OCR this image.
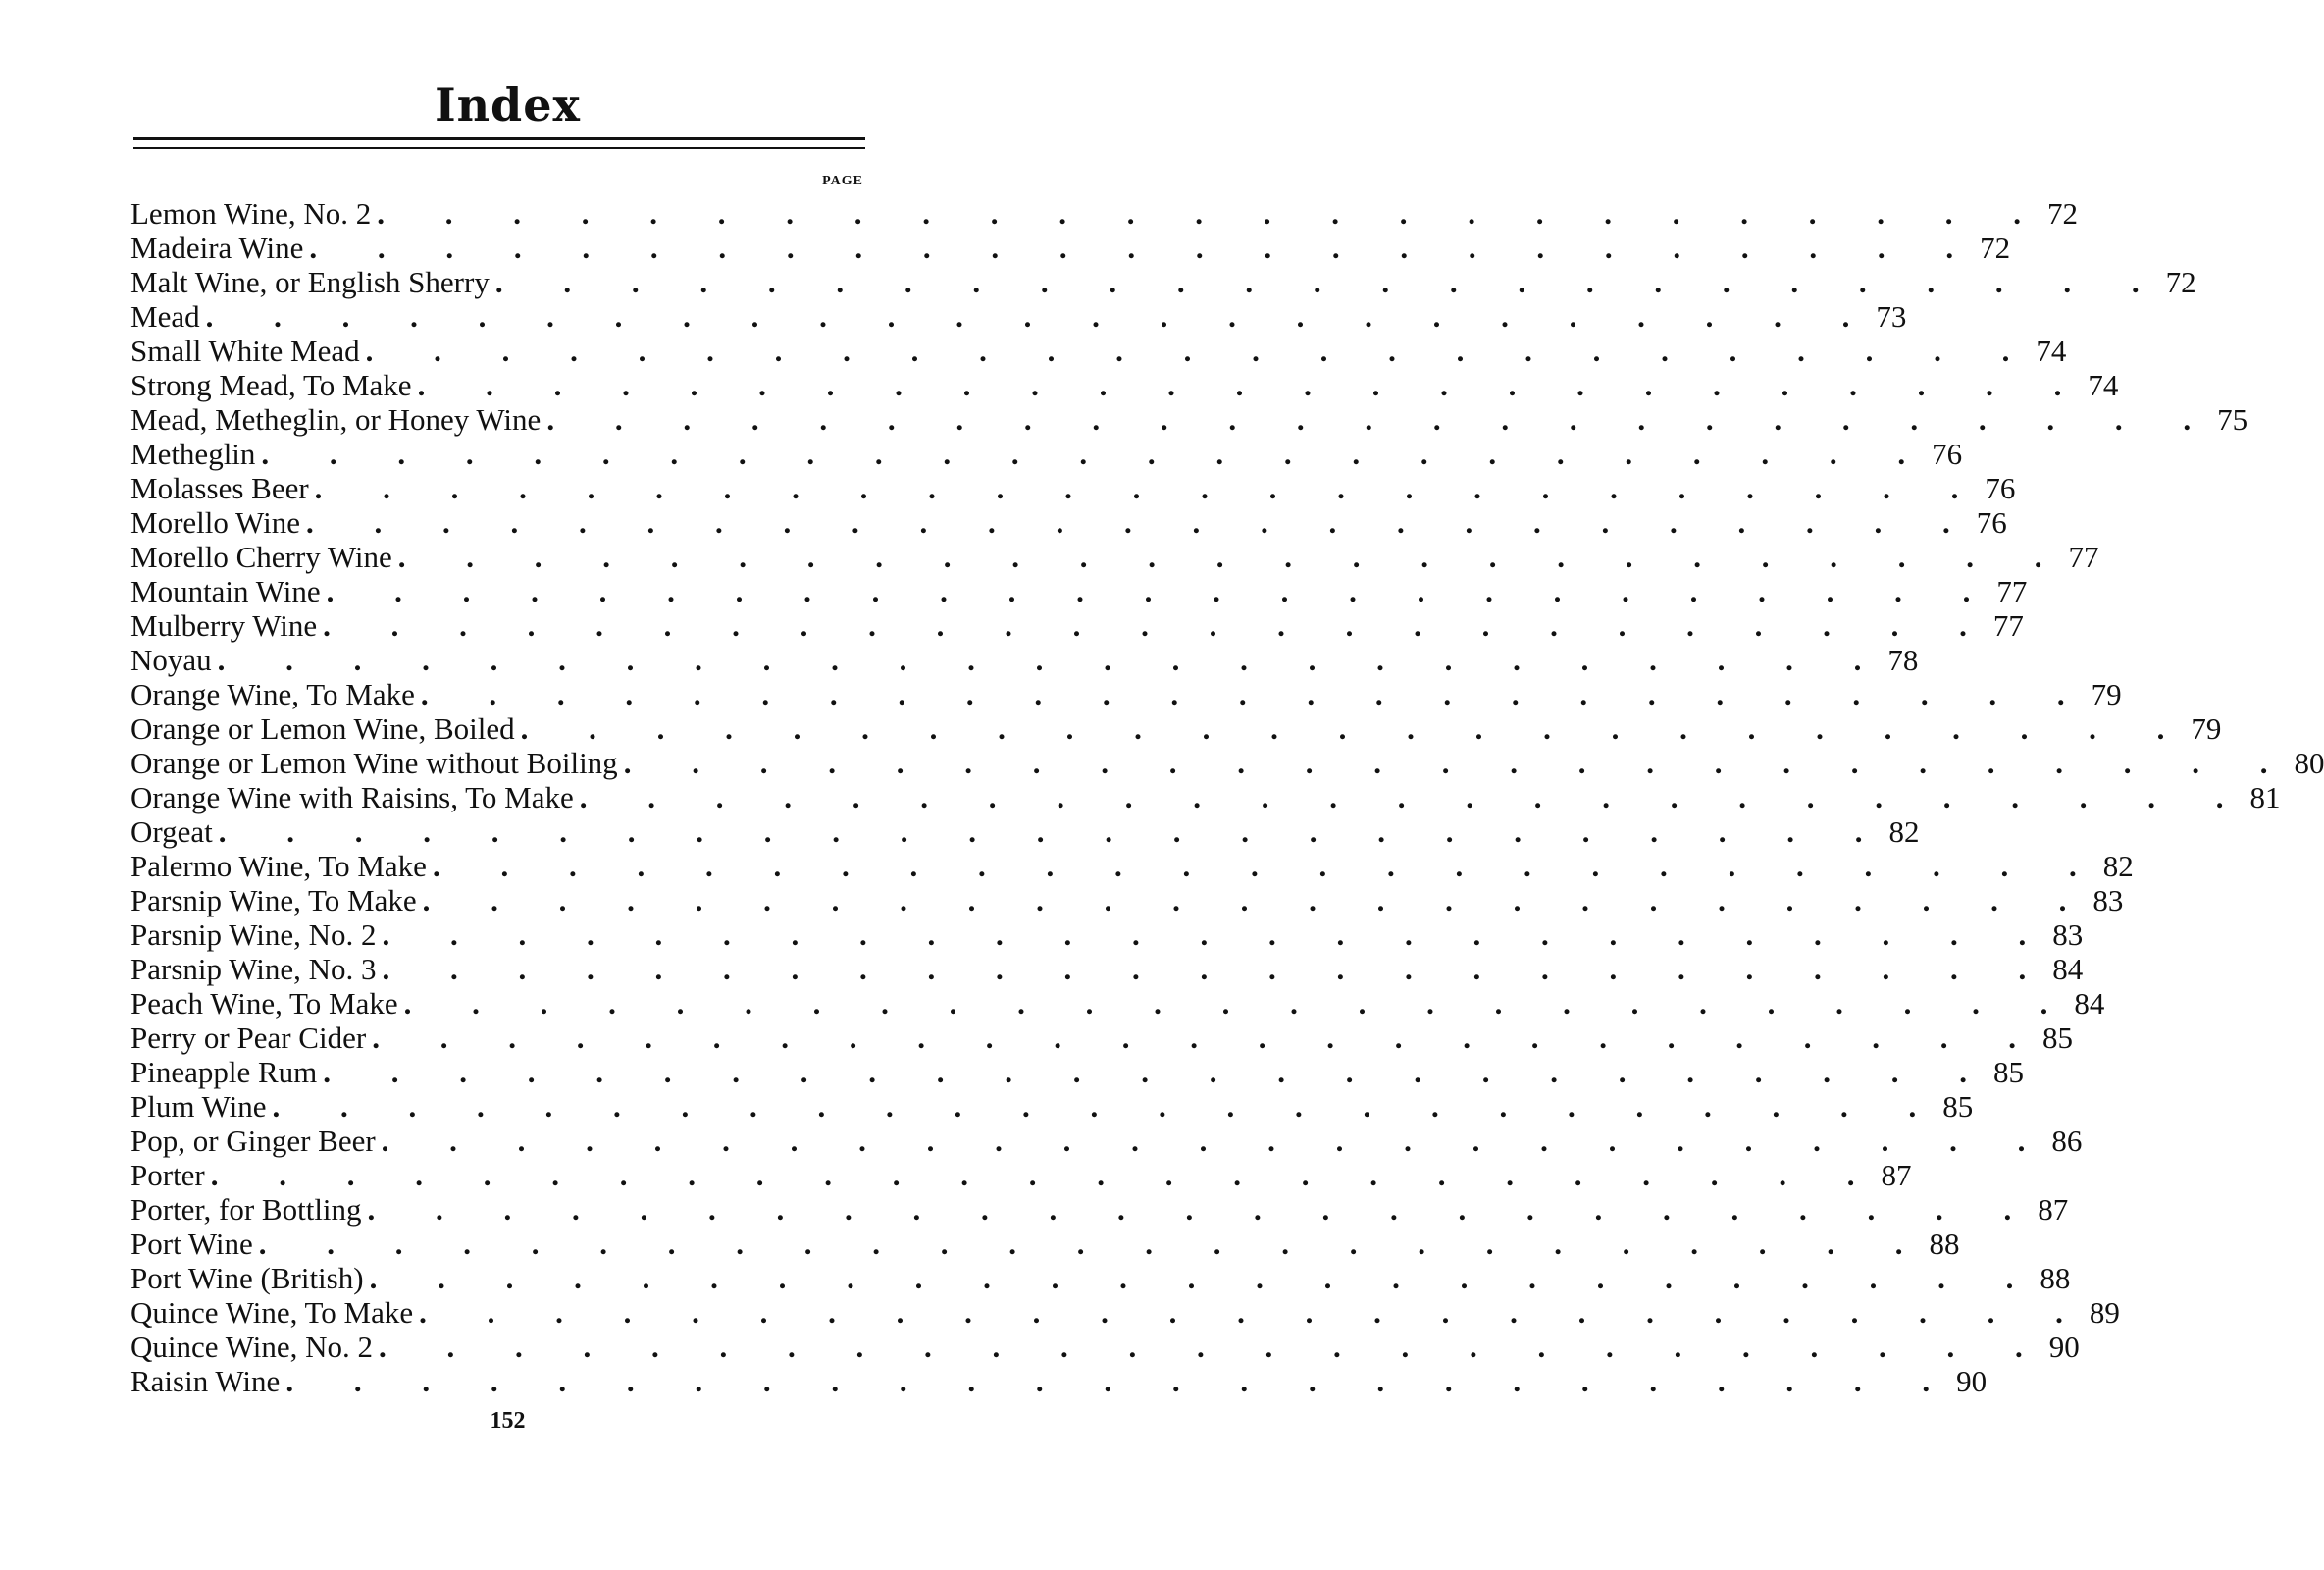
Index
PAGE
Lemon Wine, No. 2 . . . . . . . . . . . . . . . . . . . . . . . . . 72
Madeira Wine . . . . . . . . . . . . . . . . . . . . . . . . . 72
Malt Wine, or English Sherry . . . . . . . . . . . . . . . . . . . . . . . . . 72
Mead . . . . . . . . . . . . . . . . . . . . . . . . . 73
Small White Mead . . . . . . . . . . . . . . . . . . . . . . . . . 74
Strong Mead, To Make . . . . . . . . . . . . . . . . . . . . . . . . . 74
Mead, Metheglin, or Honey Wine . . . . . . . . . . . . . . . . . . . . . . . . . 75
Metheglin . . . . . . . . . . . . . . . . . . . . . . . . . 76
Molasses Beer . . . . . . . . . . . . . . . . . . . . . . . . . 76
Morello Wine . . . . . . . . . . . . . . . . . . . . . . . . . 76
Morello Cherry Wine . . . . . . . . . . . . . . . . . . . . . . . . . 77
Mountain Wine . . . . . . . . . . . . . . . . . . . . . . . . . 77
Mulberry Wine . . . . . . . . . . . . . . . . . . . . . . . . . 77
Noyau . . . . . . . . . . . . . . . . . . . . . . . . . 78
Orange Wine, To Make . . . . . . . . . . . . . . . . . . . . . . . . . 79
Orange or Lemon Wine, Boiled . . . . . . . . . . . . . . . . . . . . . . . . . 79
Orange or Lemon Wine without Boiling . . . . . . . . . . . . . . . . . . . . . . . . . 80
Orange Wine with Raisins, To Make . . . . . . . . . . . . . . . . . . . . . . . . . 81
Orgeat . . . . . . . . . . . . . . . . . . . . . . . . . 82
Palermo Wine, To Make . . . . . . . . . . . . . . . . . . . . . . . . . 82
Parsnip Wine, To Make . . . . . . . . . . . . . . . . . . . . . . . . . 83
Parsnip Wine, No. 2 . . . . . . . . . . . . . . . . . . . . . . . . . 83
Parsnip Wine, No. 3 . . . . . . . . . . . . . . . . . . . . . . . . . 84
Peach Wine, To Make . . . . . . . . . . . . . . . . . . . . . . . . . 84
Perry or Pear Cider . . . . . . . . . . . . . . . . . . . . . . . . . 85
Pineapple Rum . . . . . . . . . . . . . . . . . . . . . . . . . 85
Plum Wine . . . . . . . . . . . . . . . . . . . . . . . . . 85
Pop, or Ginger Beer . . . . . . . . . . . . . . . . . . . . . . . . . 86
Porter . . . . . . . . . . . . . . . . . . . . . . . . . 87
Porter, for Bottling . . . . . . . . . . . . . . . . . . . . . . . . . 87
Port Wine . . . . . . . . . . . . . . . . . . . . . . . . . 88
Port Wine (British) . . . . . . . . . . . . . . . . . . . . . . . . . 88
Quince Wine, To Make . . . . . . . . . . . . . . . . . . . . . . . . . 89
Quince Wine, No. 2 . . . . . . . . . . . . . . . . . . . . . . . . . 90
Raisin Wine . . . . . . . . . . . . . . . . . . . . . . . . . 90
152
